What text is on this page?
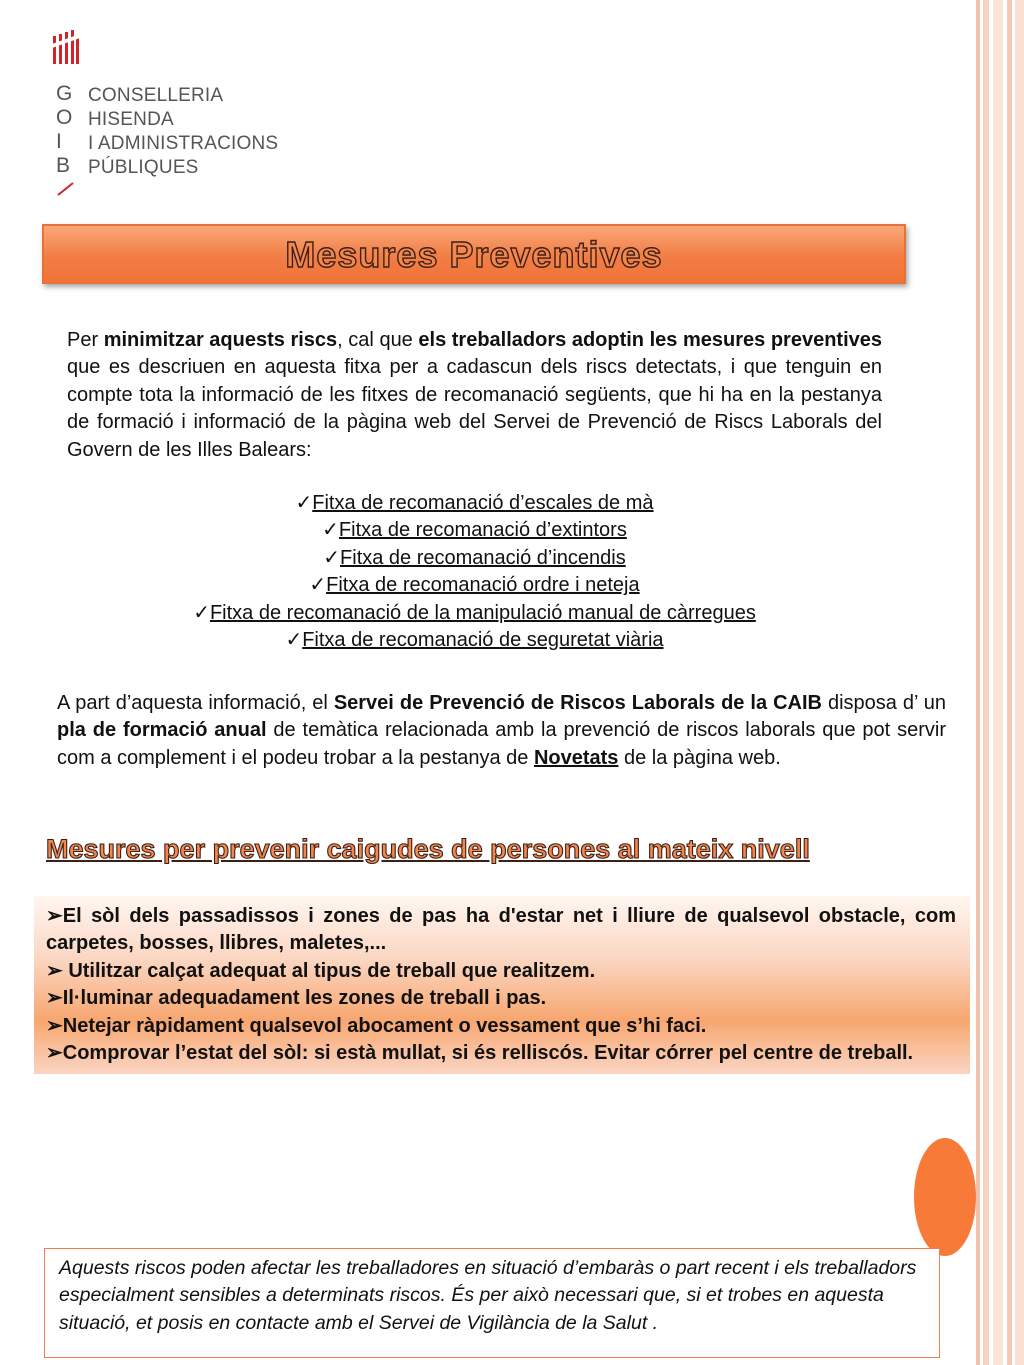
G
O
I
B
CONSELLERIA
HISENDA
I ADMINISTRACIONS
PÚBLIQUES
Mesures Preventives
Per minimitzar aquests riscs, cal que els treballadors adoptin les mesures preventives que es descriuen en aquesta fitxa per a cadascun dels riscs detectats, i que tenguin en compte tota la informació de les fitxes de recomanació següents, que hi ha en la pestanya de formació i informació de la pàgina web del Servei de Prevenció de Riscs Laborals del Govern de les Illes Balears:
✓Fitxa de recomanació d’escales de mà
✓Fitxa de recomanació d’extintors
✓Fitxa de recomanació d’incendis
✓Fitxa de recomanació ordre i neteja
✓Fitxa de recomanació de la manipulació manual de càrregues
✓Fitxa de recomanació de seguretat viària
A part d’aquesta informació, el Servei de Prevenció de Riscos Laborals de la CAIB disposa d’ un pla de formació anual de temàtica relacionada amb la prevenció de riscos laborals que pot servir com a complement i el podeu trobar a la pestanya de Novetats de la pàgina web.
Mesures per prevenir caigudes de persones al mateix nivell
➢El sòl dels passadissos i zones de pas ha d'estar net i lliure de qualsevol obstacle, com carpetes, bosses, llibres, maletes,...
➢ Utilitzar calçat adequat al tipus de treball que realitzem.
➢Il·luminar adequadament les zones de treball i pas.
➢Netejar ràpidament qualsevol abocament o vessament que s’hi faci.
➢Comprovar l’estat del sòl: si està mullat, si és relliscós. Evitar córrer pel centre de treball.
Aquests riscos poden afectar les treballadores en situació d’embaràs o part recent i els treballadors especialment sensibles a determinats riscos. És per això necessari que, si et trobes en aquesta situació, et posis en contacte amb el Servei de Vigilància de la Salut .
